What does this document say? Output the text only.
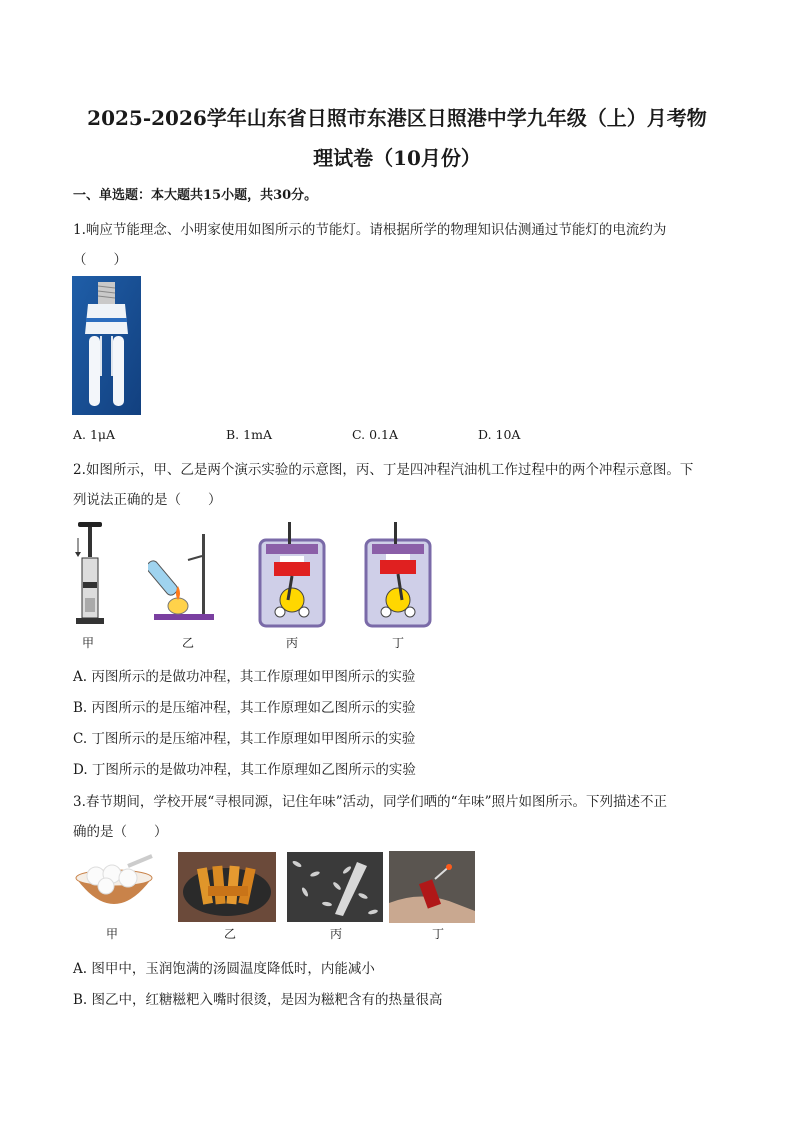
2025-2026学年山东省日照市东港区日照港中学九年级（上）月考物
理试卷（10月份）
一、单选题：本大题共15小题，共30分。
1.响应节能理念、小明家使用如图所示的节能灯。请根据所学的物理知识估测通过节能灯的电流约为
（　　）
A. 1μA	B. 1mA	C. 0.1A	D. 10A
2.如图所示，甲、乙是两个演示实验的示意图，丙、丁是四冲程汽油机工作过程中的两个冲程示意图。下
列说法正确的是（　　）
甲	乙	丙	丁
A. 丙图所示的是做功冲程，其工作原理如甲图所示的实验
B. 丙图所示的是压缩冲程，其工作原理如乙图所示的实验
C. 丁图所示的是压缩冲程，其工作原理如甲图所示的实验
D. 丁图所示的是做功冲程，其工作原理如乙图所示的实验
3.春节期间，学校开展“寻根同源，记住年味”活动，同学们晒的“年味”照片如图所示。下列描述不正
确的是（　　）
甲	乙	丙	丁
A. 图甲中，玉润饱满的汤圆温度降低时，内能减小
B. 图乙中，红糖糍粑入嘴时很烫，是因为糍粑含有的热量很高
